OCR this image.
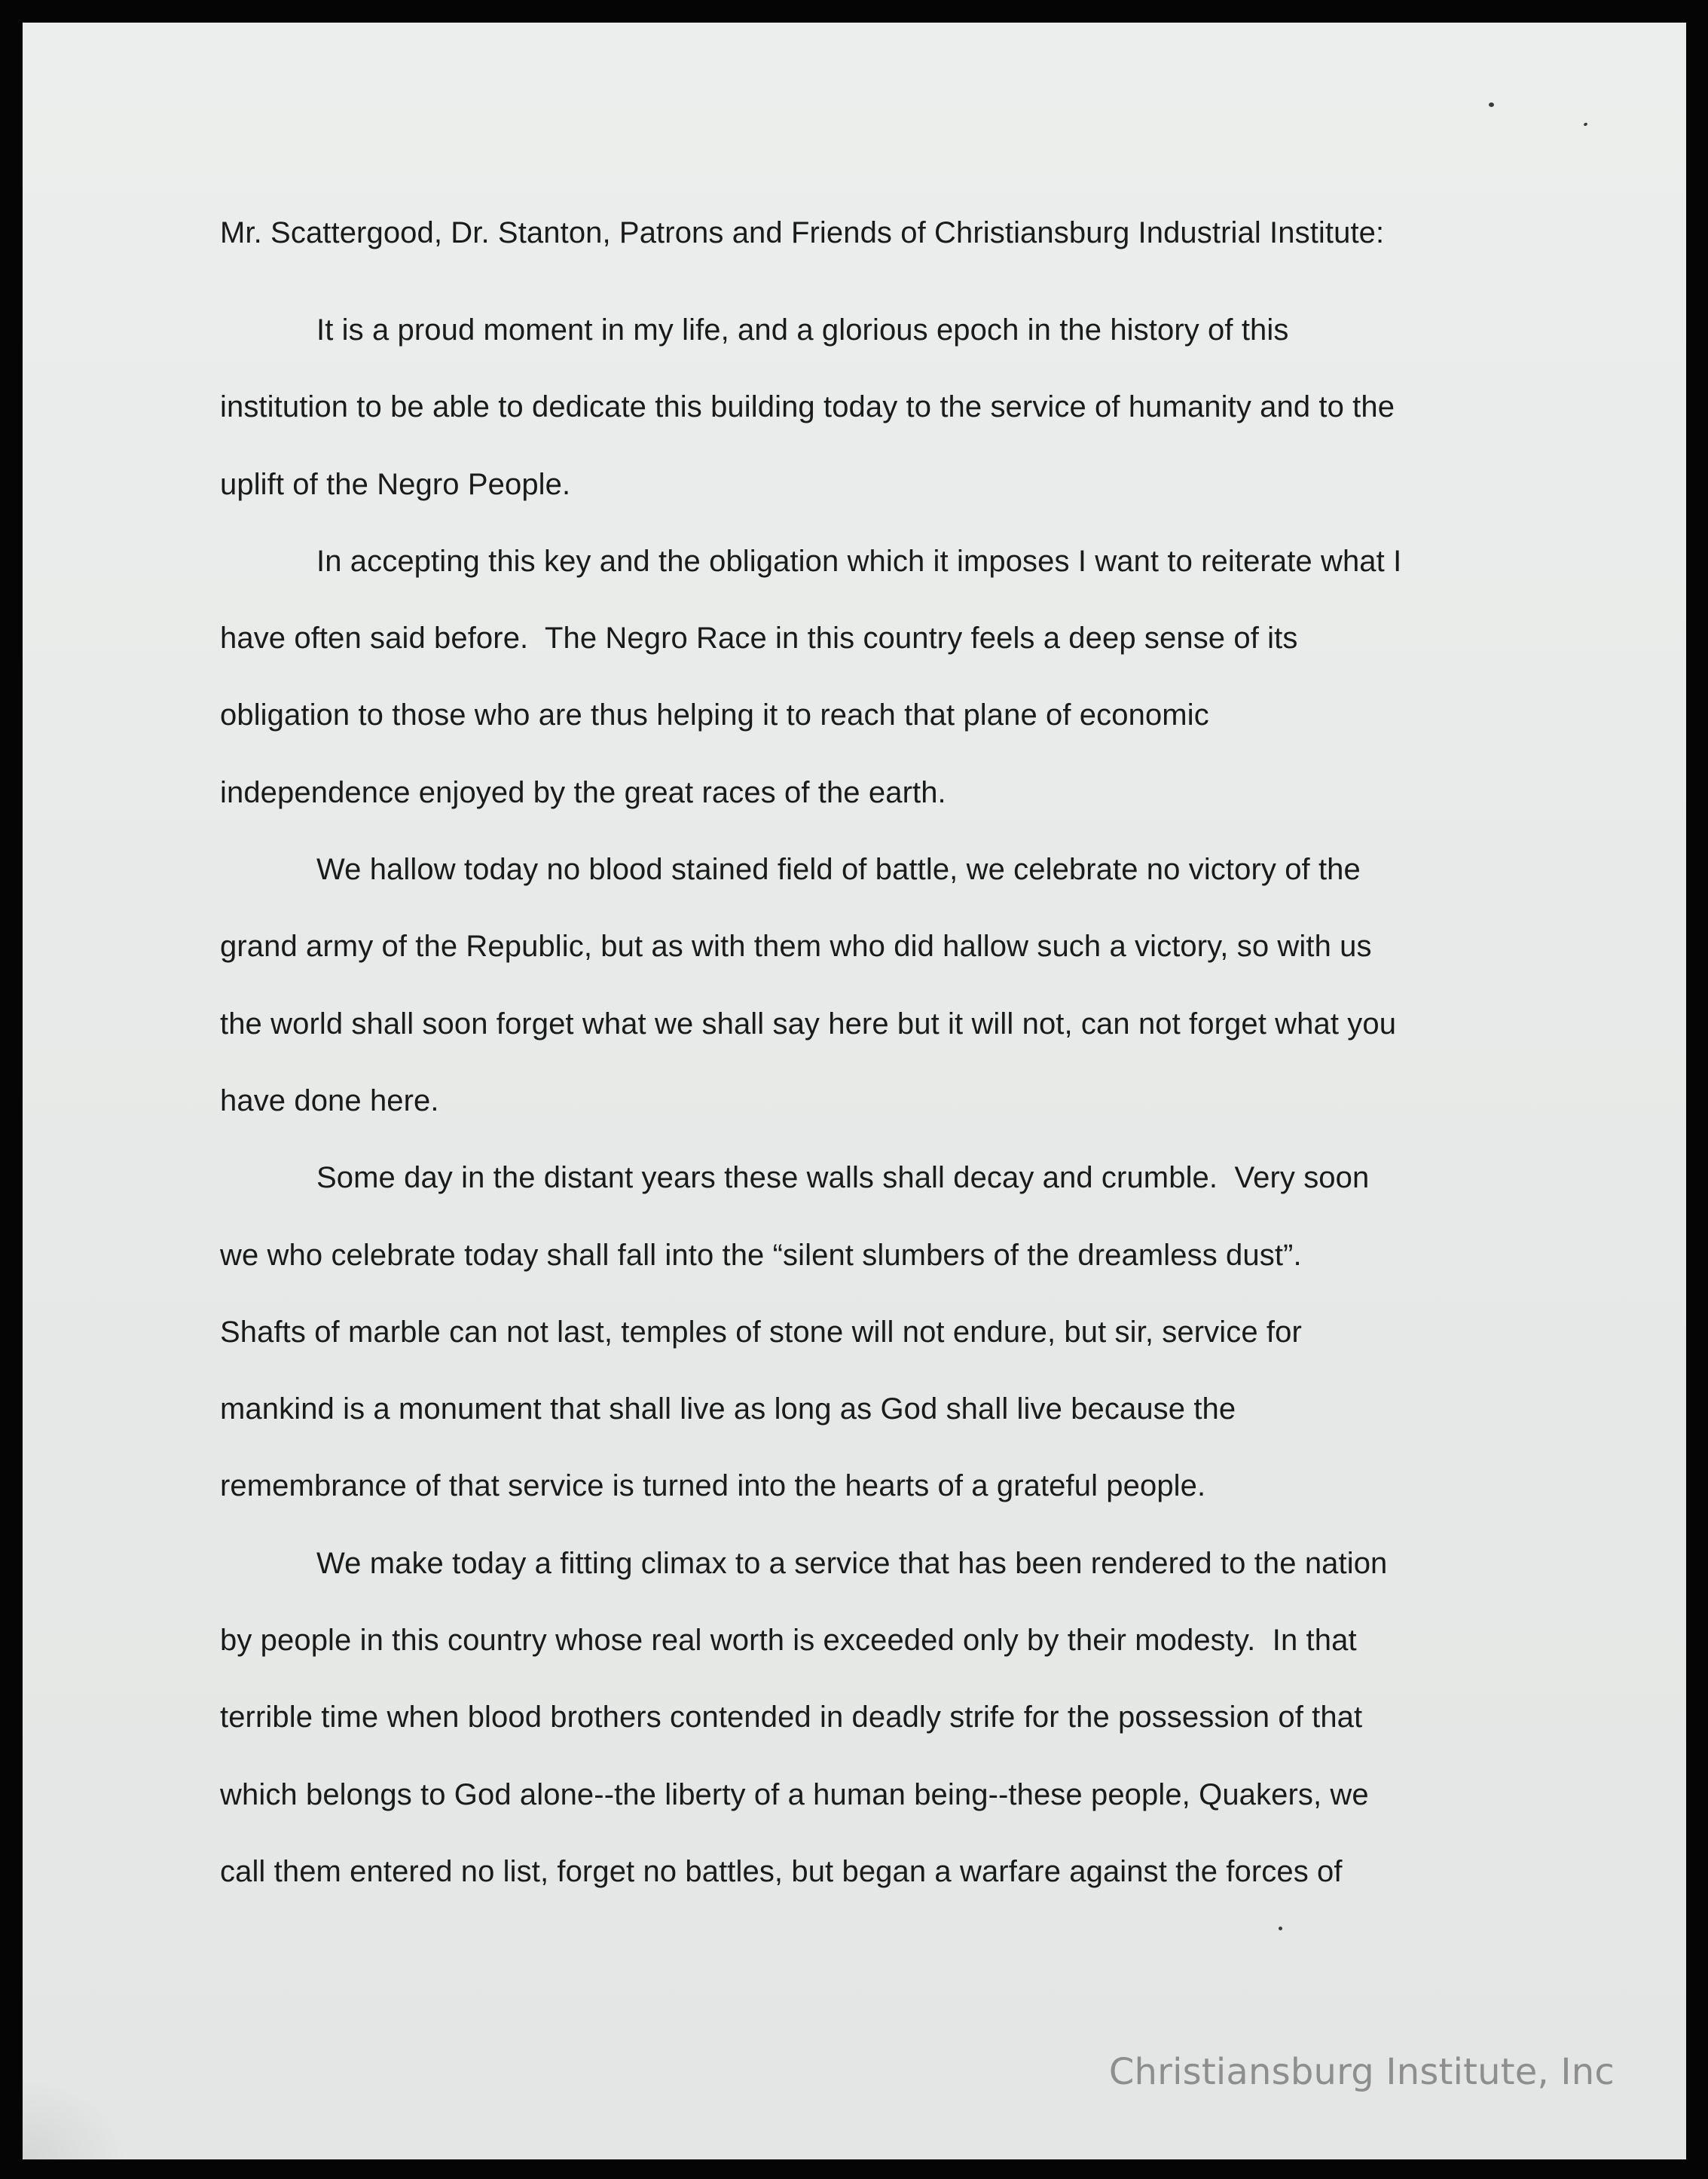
Mr. Scattergood, Dr. Stanton, Patrons and Friends of Christiansburg Industrial Institute:

It is a proud moment in my life, and a glorious epoch in the history of this
institution to be able to dedicate this building today to the service of humanity and to the
uplift of the Negro People.

In accepting this key and the obligation which it imposes I want to reiterate what I
have often said before.  The Negro Race in this country feels a deep sense of its
obligation to those who are thus helping it to reach that plane of economic
independence enjoyed by the great races of the earth.

We hallow today no blood stained field of battle, we celebrate no victory of the
grand army of the Republic, but as with them who did hallow such a victory, so with us
the world shall soon forget what we shall say here but it will not, can not forget what you
have done here.

Some day in the distant years these walls shall decay and crumble.  Very soon
we who celebrate today shall fall into the “silent slumbers of the dreamless dust”.
Shafts of marble can not last, temples of stone will not endure, but sir, service for
mankind is a monument that shall live as long as God shall live because the
remembrance of that service is turned into the hearts of a grateful people.

We make today a fitting climax to a service that has been rendered to the nation
by people in this country whose real worth is exceeded only by their modesty.  In that
terrible time when blood brothers contended in deadly strife for the possession of that
which belongs to God alone--the liberty of a human being--these people, Quakers, we
call them entered no list, forget no battles, but began a warfare against the forces of

Christiansburg Institute, Inc
